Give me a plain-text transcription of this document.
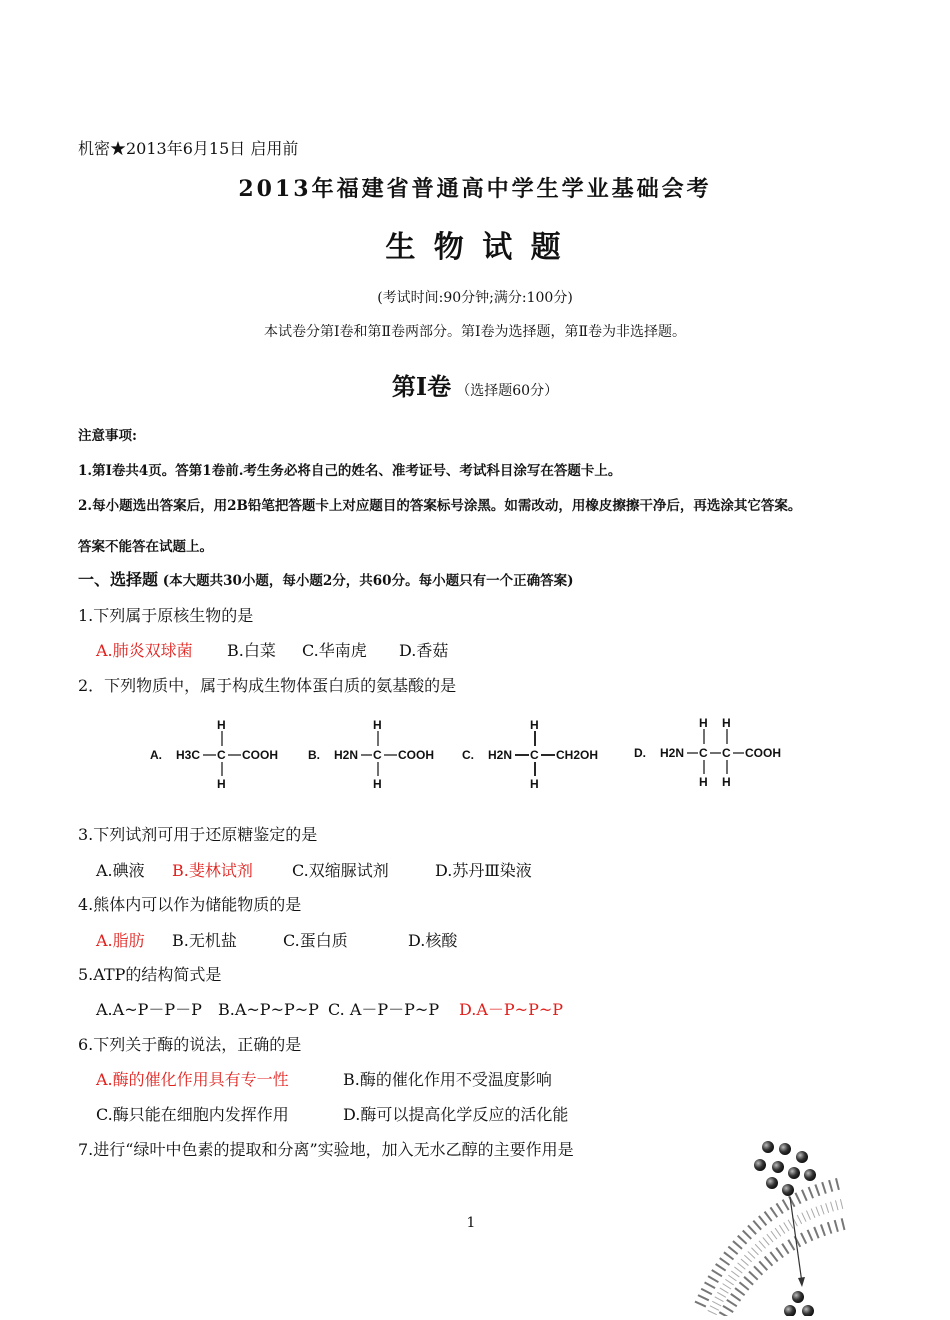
机密★2013年6月15日 启用前
2013年福建省普通高中学生学业基础会考
生 物 试 题
(考试时间:90分钟;满分:100分)
本试卷分第Ⅰ卷和第Ⅱ卷两部分。第I卷为选择题，第Ⅱ卷为非选择题。
第I卷 （选择题60分）
注意事项:
1.第I卷共4页。答第1卷前.考生务必将自己的姓名、准考证号、考试科目涂写在答题卡上。
2.每小题选出答案后，用2B铅笔把答题卡上对应题目的答案标号涂黑。如需改动，用橡皮擦擦干净后，再选涂其它答案。
答案不能答在试题上。
一、选择题 (本大题共30小题，每小题2分，共60分。每小题只有一个正确答案)
1.下列属于原核生物的是
A.肺炎双球菌 B.白菜 C.华南虎 D.香菇
2．下列物质中，属于构成生物体蛋白质的氨基酸的是
A. H3C C
H
H
COOH	B. H2N C
H
H
COOH C. H2N C
H
H
CH2OH	D. H2N C
H
H
C
H
H
COOH
3.下列试剂可用于还原糖鉴定的是
A.碘液 B.斐林试剂 C.双缩脲试剂	D.苏丹Ⅲ染液
4.熊体内可以作为储能物质的是
A.脂肪 B.无机盐	C.蛋白质	D.核酸
5.ATP的结构简式是
A.A~P－P－P B.A~P~P~P C. A－P－P~P D.A－P~P~P
6.下列关于酶的说法，正确的是
A.酶的催化作用具有专一性	B.酶的催化作用不受温度影响
C.酶只能在细胞内发挥作用	D.酶可以提高化学反应的活化能
7.进行“绿叶中色素的提取和分离”实验地，加入无水乙醇的主要作用是
1
